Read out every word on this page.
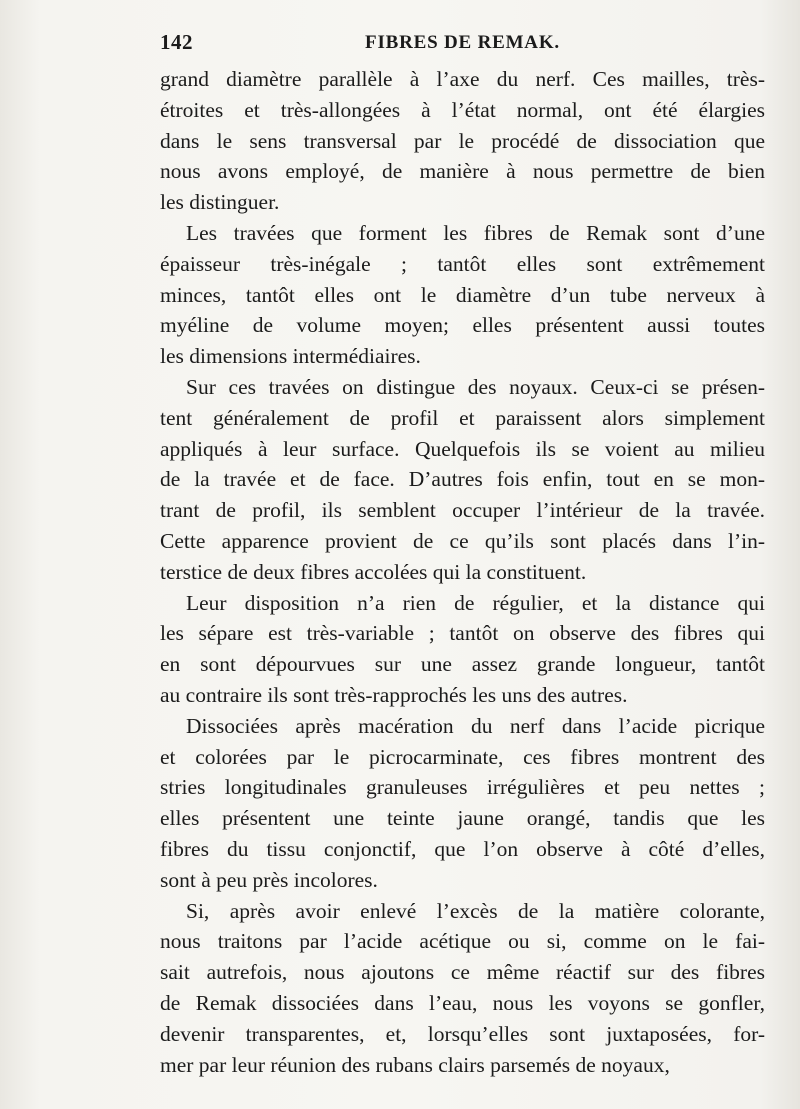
142	FIBRES DE REMAK.
grand diamètre parallèle à l’axe du nerf. Ces mailles, très-
étroites et très-allongées à l’état normal, ont été élargies
dans le sens transversal par le procédé de dissociation que
nous avons employé, de manière à nous permettre de bien
les distinguer.
Les travées que forment les fibres de Remak sont d’une
épaisseur très-inégale ; tantôt elles sont extrêmement
minces, tantôt elles ont le diamètre d’un tube nerveux à
myéline de volume moyen; elles présentent aussi toutes
les dimensions intermédiaires.
Sur ces travées on distingue des noyaux. Ceux-ci se présen-
tent généralement de profil et paraissent alors simplement
appliqués à leur surface. Quelquefois ils se voient au milieu
de la travée et de face. D’autres fois enfin, tout en se mon-
trant de profil, ils semblent occuper l’intérieur de la travée.
Cette apparence provient de ce qu’ils sont placés dans l’in-
terstice de deux fibres accolées qui la constituent.
Leur disposition n’a rien de régulier, et la distance qui
les sépare est très-variable ; tantôt on observe des fibres qui
en sont dépourvues sur une assez grande longueur, tantôt
au contraire ils sont très-rapprochés les uns des autres.
Dissociées après macération du nerf dans l’acide picrique
et colorées par le picrocarminate, ces fibres montrent des
stries longitudinales granuleuses irrégulières et peu nettes ;
elles présentent une teinte jaune orangé, tandis que les
fibres du tissu conjonctif, que l’on observe à côté d’elles,
sont à peu près incolores.
Si, après avoir enlevé l’excès de la matière colorante,
nous traitons par l’acide acétique ou si, comme on le fai-
sait autrefois, nous ajoutons ce même réactif sur des fibres
de Remak dissociées dans l’eau, nous les voyons se gonfler,
devenir transparentes, et, lorsqu’elles sont juxtaposées, for-
mer par leur réunion des rubans clairs parsemés de noyaux,
